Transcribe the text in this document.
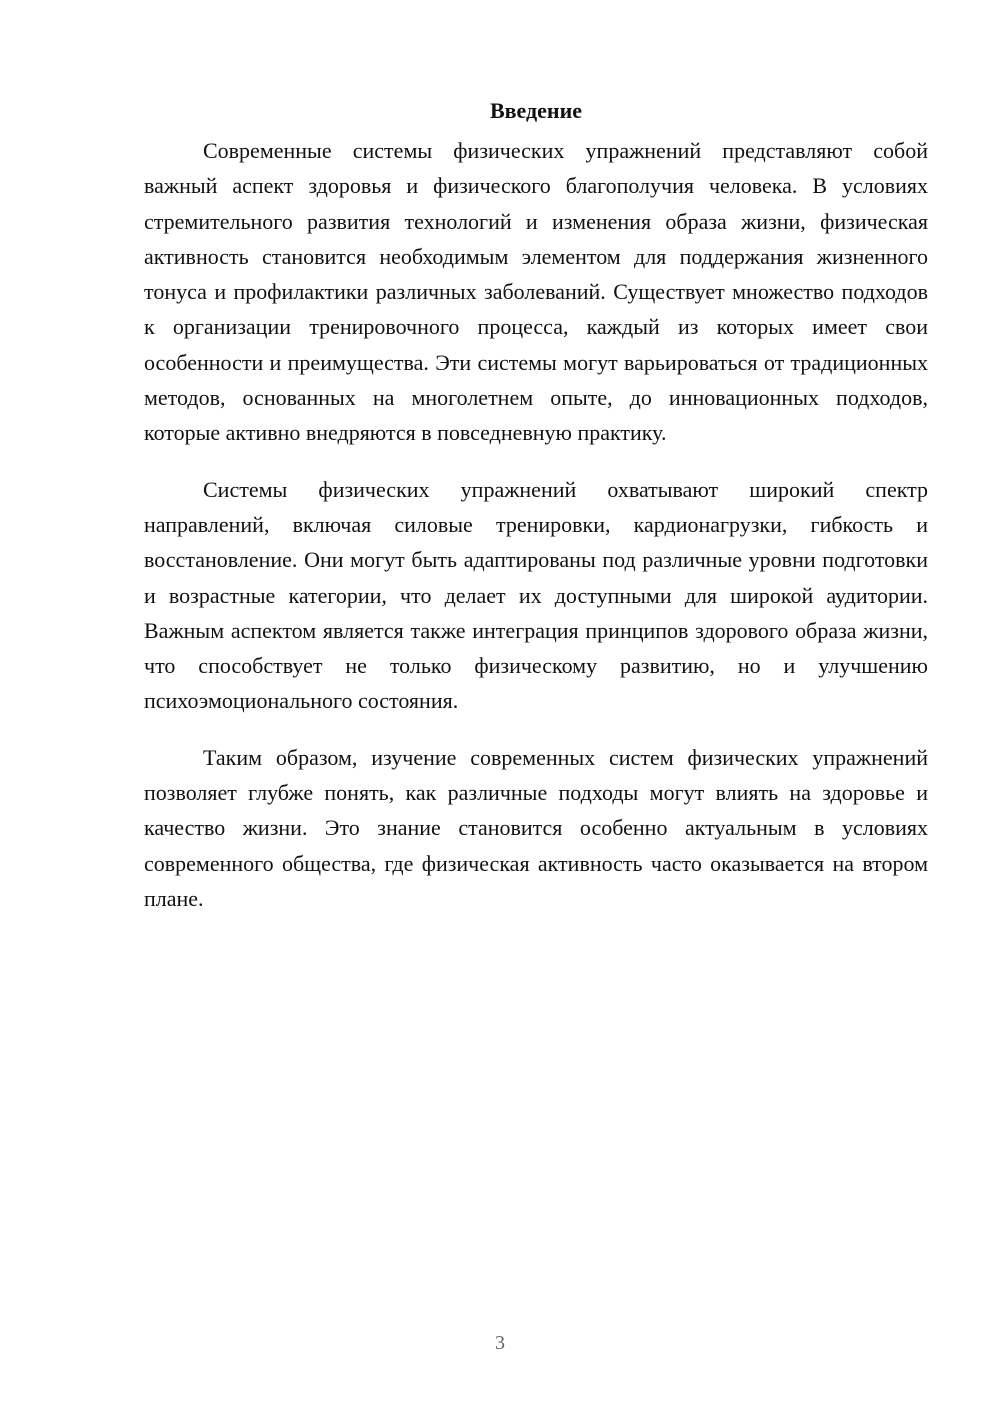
Введение

Современные системы физических упражнений представляют собой важный аспект здоровья и физического благополучия человека. В условиях стремительного развития технологий и изменения образа жизни, физическая активность становится необходимым элементом для поддержания жизненного тонуса и профилактики различных заболеваний. Существует множество подходов к организации тренировочного процесса, каждый из которых имеет свои особенности и преимущества. Эти системы могут варьироваться от традиционных методов, основанных на многолетнем опыте, до инновационных подходов, которые активно внедряются в повседневную практику.

Системы физических упражнений охватывают широкий спектр направлений, включая силовые тренировки, кардионагрузки, гибкость и восстановление. Они могут быть адаптированы под различные уровни подготовки и возрастные категории, что делает их доступными для широкой аудитории. Важным аспектом является также интеграция принципов здорового образа жизни, что способствует не только физическому развитию, но и улучшению психоэмоционального состояния.

Таким образом, изучение современных систем физических упражнений позволяет глубже понять, как различные подходы могут влиять на здоровье и качество жизни. Это знание становится особенно актуальным в условиях современного общества, где физическая активность часто оказывается на втором плане.

3
